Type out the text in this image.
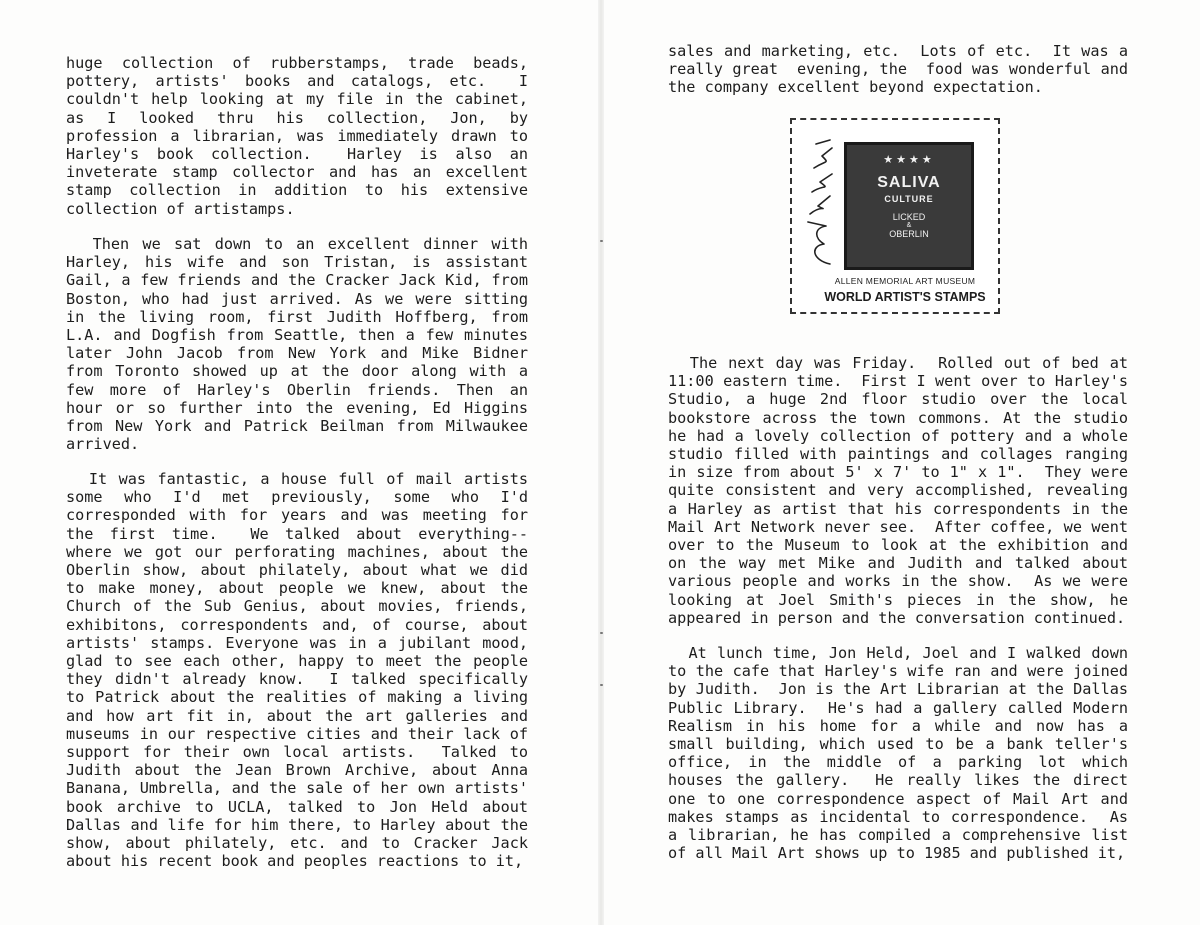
huge collection of rubberstamps, trade beads,
pottery, artists' books and catalogs, etc.  I
couldn't help looking at my file in the cabinet,
as I looked thru his collection, Jon, by
profession a librarian, was immediately drawn to
Harley's book collection.  Harley is also an
inveterate stamp collector and has an excellent
stamp collection in addition to his extensive
collection of artistamps.

Then we sat down to an excellent dinner with
Harley, his wife and son Tristan, is assistant
Gail, a few friends and the Cracker Jack Kid, from
Boston, who had just arrived. As we were sitting
in the living room, first Judith Hoffberg, from
L.A. and Dogfish from Seattle, then a few minutes
later John Jacob from New York and Mike Bidner
from Toronto showed up at the door along with a
few more of Harley's Oberlin friends. Then an
hour or so further into the evening, Ed Higgins
from New York and Patrick Beilman from Milwaukee
arrived.

It was fantastic, a house full of mail artists
some who I'd met previously, some who I'd
corresponded with for years and was meeting for
the first time.  We talked about everything--
where we got our perforating machines, about the
Oberlin show, about philately, about what we did
to make money, about people we knew, about the
Church of the Sub Genius, about movies, friends,
exhibitons, correspondents and, of course, about
artists' stamps. Everyone was in a jubilant mood,
glad to see each other, happy to meet the people
they didn't already know.  I talked specifically
to Patrick about the realities of making a living
and how art fit in, about the art galleries and
museums in our respective cities and their lack of
support for their own local artists.  Talked to
Judith about the Jean Brown Archive, about Anna
Banana, Umbrella, and the sale of her own artists'
book archive to UCLA, talked to Jon Held about
Dallas and life for him there, to Harley about the
show, about philately, etc. and to Cracker Jack
about his recent book and peoples reactions to it,

sales and marketing, etc.  Lots of etc.  It was a
really great  evening, the  food was wonderful and
the company excellent beyond expectation.

★★★★
SALIVA
CULTURE
LICKED
&
OBERLIN
ALLEN MEMORIAL ART MUSEUM
WORLD ARTIST'S STAMPS

The next day was Friday.  Rolled out of bed at
11:00 eastern time.  First I went over to Harley's
Studio, a huge 2nd floor studio over the local
bookstore across the town commons. At the studio
he had a lovely collection of pottery and a whole
studio filled with paintings and collages ranging
in size from about 5' x 7' to 1" x 1".  They were
quite consistent and very accomplished, revealing
a Harley as artist that his correspondents in the
Mail Art Network never see.  After coffee, we went
over to the Museum to look at the exhibition and
on the way met Mike and Judith and talked about
various people and works in the show.  As we were
looking at Joel Smith's pieces in the show, he
appeared in person and the conversation continued.

At lunch time, Jon Held, Joel and I walked down
to the cafe that Harley's wife ran and were joined
by Judith.  Jon is the Art Librarian at the Dallas
Public Library.  He's had a gallery called Modern
Realism in his home for a while and now has a
small building, which used to be a bank teller's
office, in the middle of a parking lot which
houses the gallery.  He really likes the direct
one to one correspondence aspect of Mail Art and
makes stamps as incidental to correspondence.  As
a librarian, he has compiled a comprehensive list
of all Mail Art shows up to 1985 and published it,
